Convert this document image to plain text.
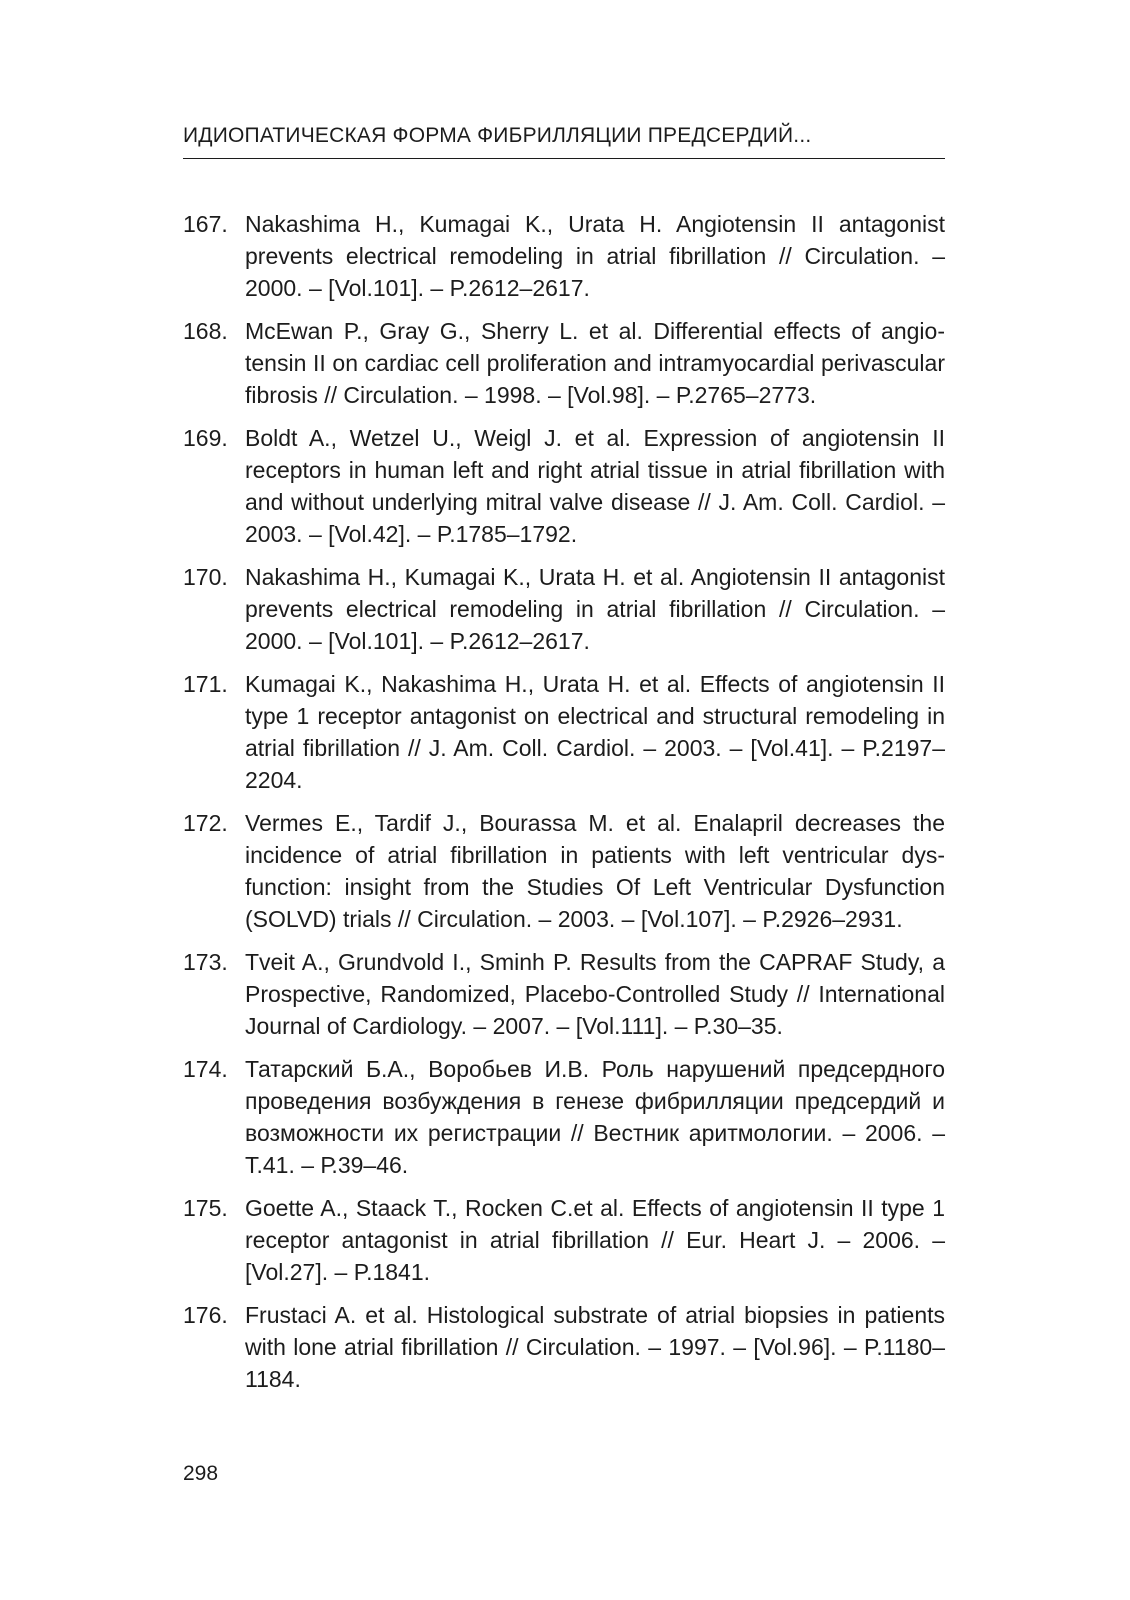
ИДИОПАТИЧЕСКАЯ ФОРМА ФИБРИЛЛЯЦИИ ПРЕДСЕРДИЙ...
167. Nakashima H., Kumagai K., Urata H. Angiotensin II antagonist prevents electrical remodeling in atrial fibrillation // Circulation. – 2000. – [Vol.101]. – P.2612–2617.
168. McEwan P., Gray G., Sherry L. et al. Differential effects of angiotensin II on cardiac cell proliferation and intramyocardial perivascular fibrosis // Circulation. – 1998. – [Vol.98]. – P.2765–2773.
169. Boldt A., Wetzel U., Weigl J. et al. Expression of angiotensin II receptors in human left and right atrial tissue in atrial fibrillation with and without underlying mitral valve disease // J. Am. Coll. Cardiol. – 2003. – [Vol.42]. – P.1785–1792.
170. Nakashima H., Kumagai K., Urata H. et al. Angiotensin II antagonist prevents electrical remodeling in atrial fibrillation // Circulation. – 2000. – [Vol.101]. – P.2612–2617.
171. Kumagai K., Nakashima H., Urata H. et al. Effects of angiotensin II type 1 receptor antagonist on electrical and structural remodeling in atrial fibrillation // J. Am. Coll. Cardiol. – 2003. – [Vol.41]. – P.2197–2204.
172. Vermes E., Tardif J., Bourassa M. et al. Enalapril decreases the incidence of atrial fibrillation in patients with left ventricular dysfunction: insight from the Studies Of Left Ventricular Dysfunction (SOLVD) trials // Circulation. – 2003. – [Vol.107]. – P.2926–2931.
173. Tveit A., Grundvold I., Sminh P. Results from the CAPRAF Study, a Prospective, Randomized, Placebo-Controlled Study // International Journal of Cardiology. – 2007. – [Vol.111]. – P.30–35.
174. Татарский Б.А., Воробьев И.В. Роль нарушений предсердного проведения возбуждения в генезе фибрилляции предсердий и возможности их регистрации // Вестник аритмологии. – 2006. – Т.41. – Р.39–46.
175. Goette A., Staack T., Rocken C.et al. Effects of angiotensin II type 1 receptor antagonist in atrial fibrillation // Eur. Heart J. – 2006. – [Vol.27]. – P.1841.
176. Frustaci A. et al. Histological substrate of atrial biopsies in patients with lone atrial fibrillation // Circulation. – 1997. – [Vol.96]. – P.1180–1184.
298
